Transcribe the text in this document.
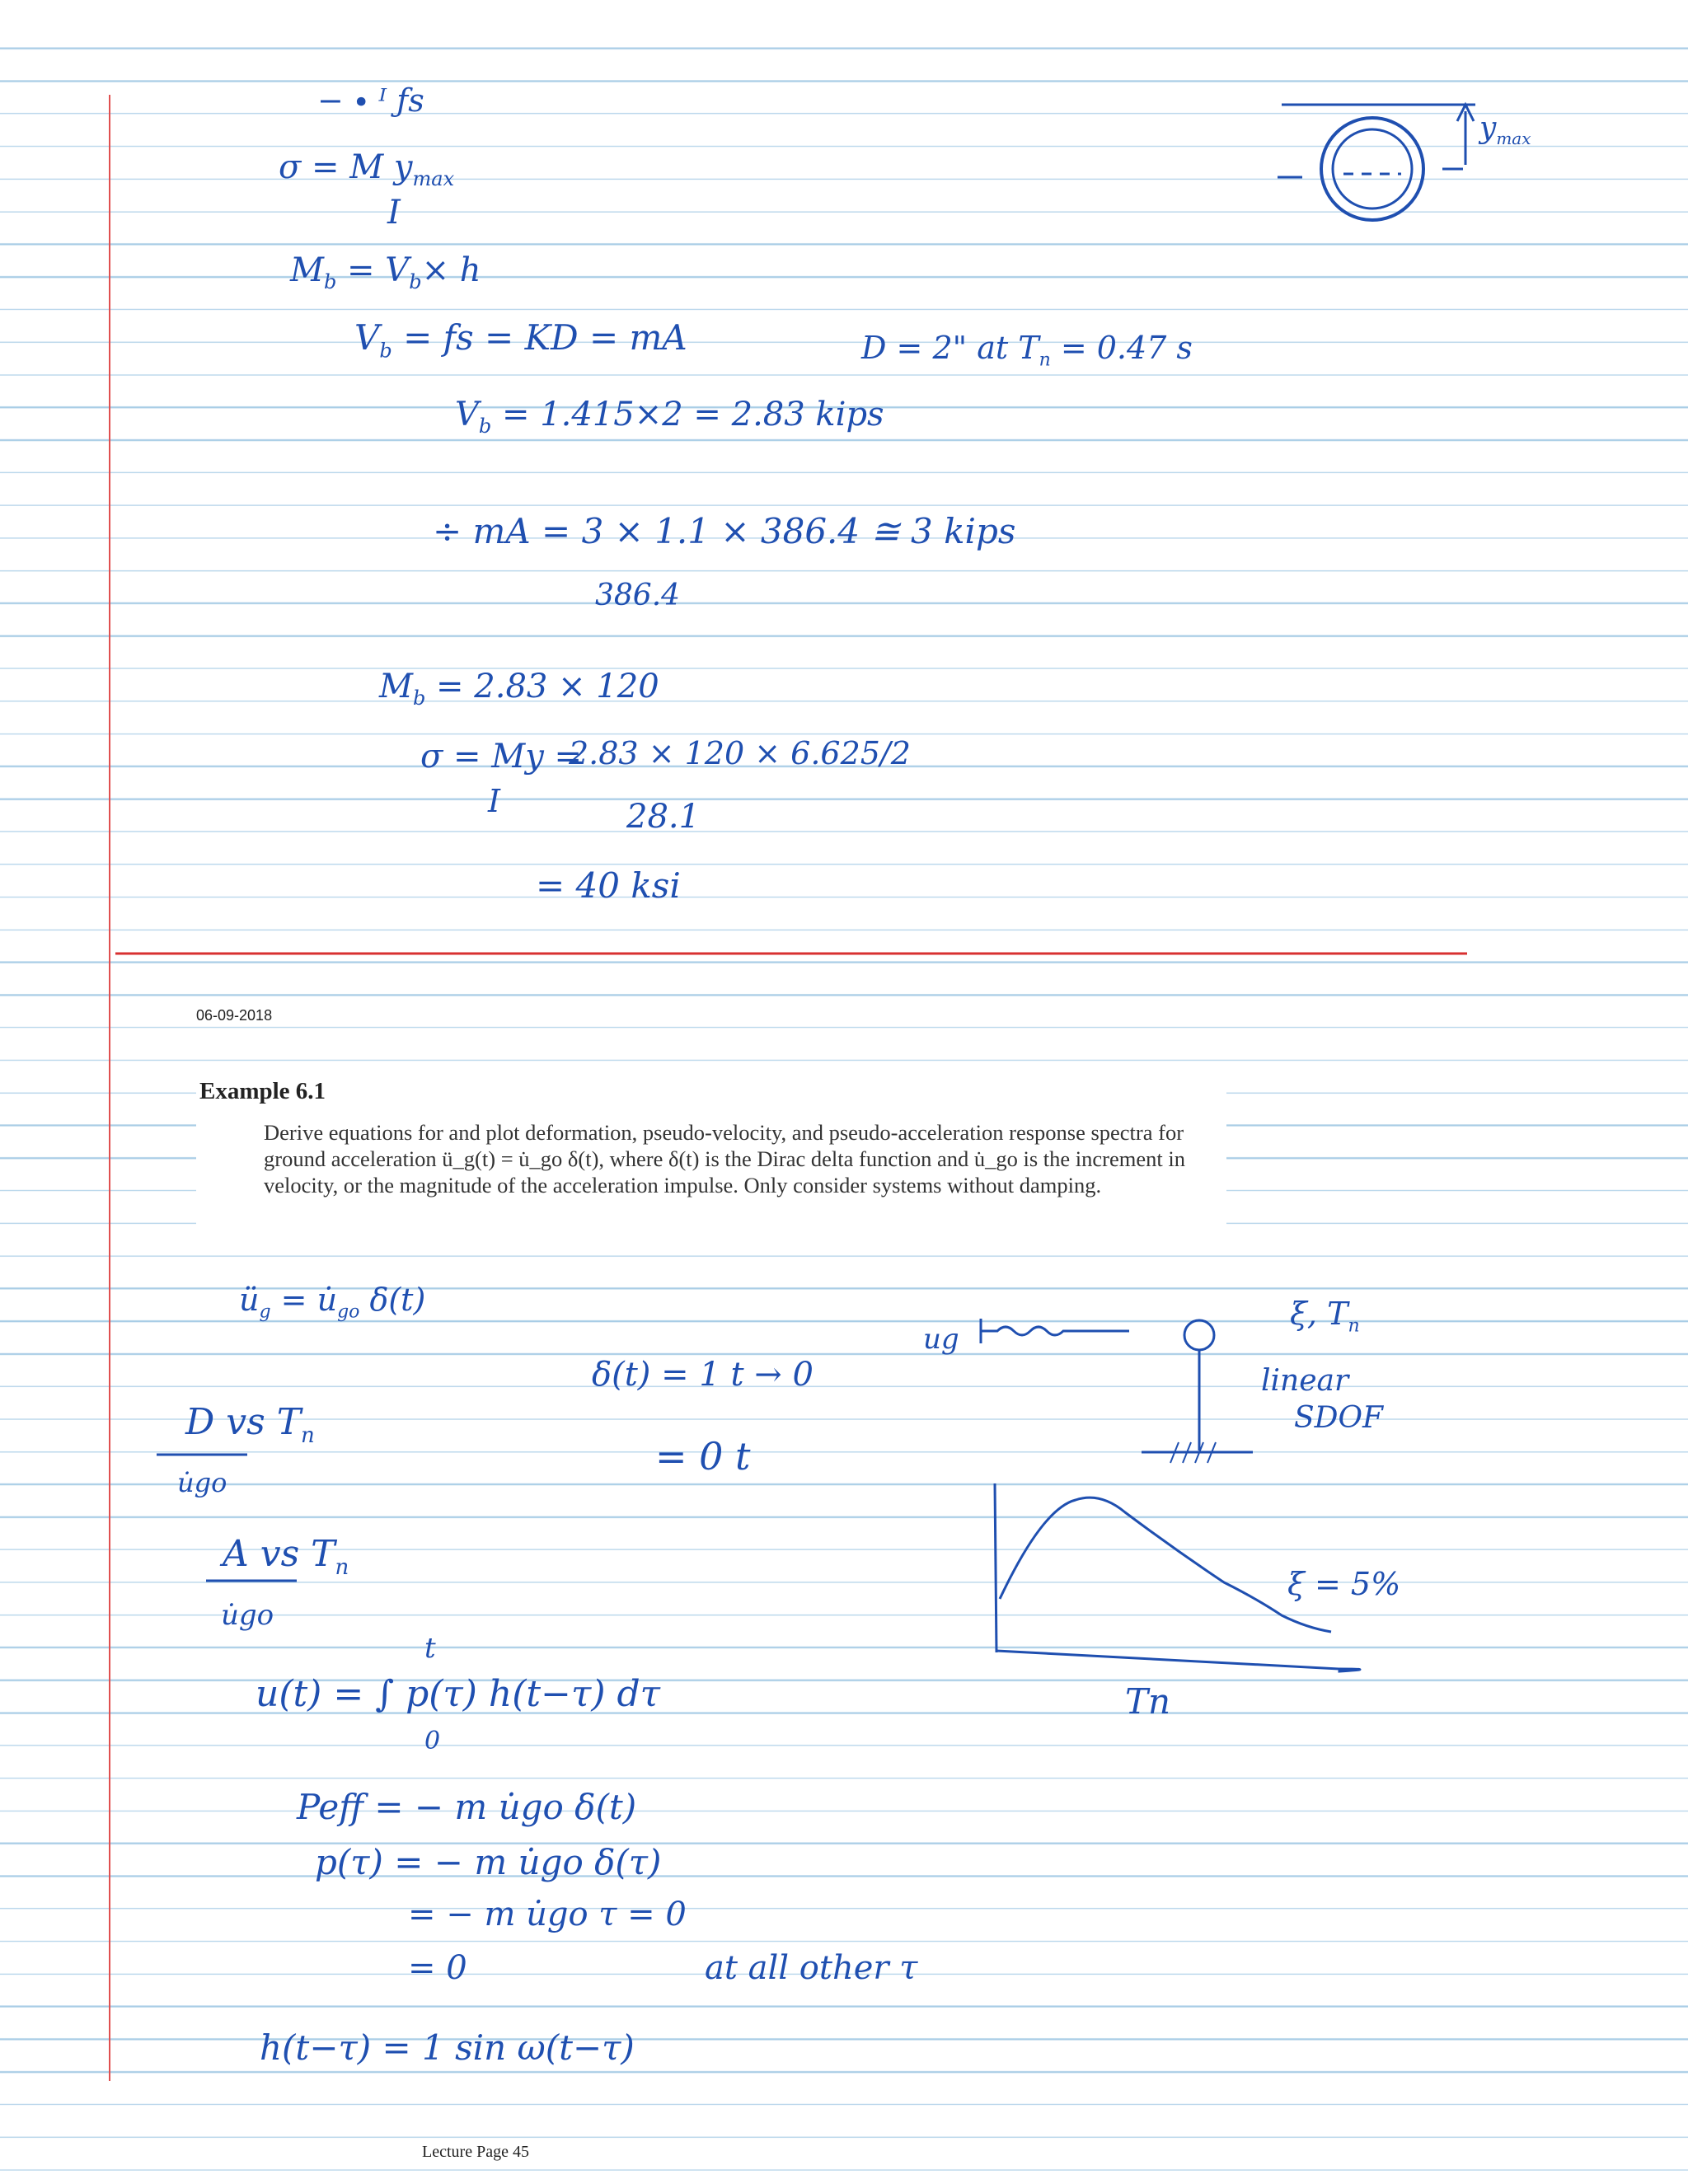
− ∙ ᴵ ƒs
σ = M $y_{max}$
I
$M_b = V_b\times h$
$V_b$ = fs = KD = mA	D = 2" at $T_n = 0.47$ s
$V_b = 1.415\times 2 = 2.83$ kips
÷ mA = 3 × 1.1 × 386.4 ≅ 3 kips
386.4
$M_b = 2.83 \times 120$
σ = My =
2.83 × 120 × 6.625/2
I	28.1
= 40 ksi
$y_{max}$
06-09-2018
Example 6.1
Derive equations for and plot deformation, pseudo-velocity, and pseudo-acceleration response spectra for ground acceleration ü_g(t) = u̇_go δ(t), where δ(t) is the Dirac delta function and u̇_go is the increment in velocity, or the magnitude of the acceleration impulse. Only consider systems without damping.
$ü_g$ = $u̇_{go}$ δ(t)
δ(t) = 1 t → 0
= 0 t
D vs $T_n$
u̇go
A vs $T_n$
u̇go
ug
ξ, $T_n$
linear
SDOF
ξ = 5%
Tn
t
u(t) = ∫ p(τ) h(t−τ) dτ
0
Peff = − m u̇go δ(t)
p(τ) = − m u̇go δ(τ)
= − m u̇go τ = 0
= 0	at all other τ
h(t−τ) = 1 sin ω(t−τ)
Lecture Page 45
